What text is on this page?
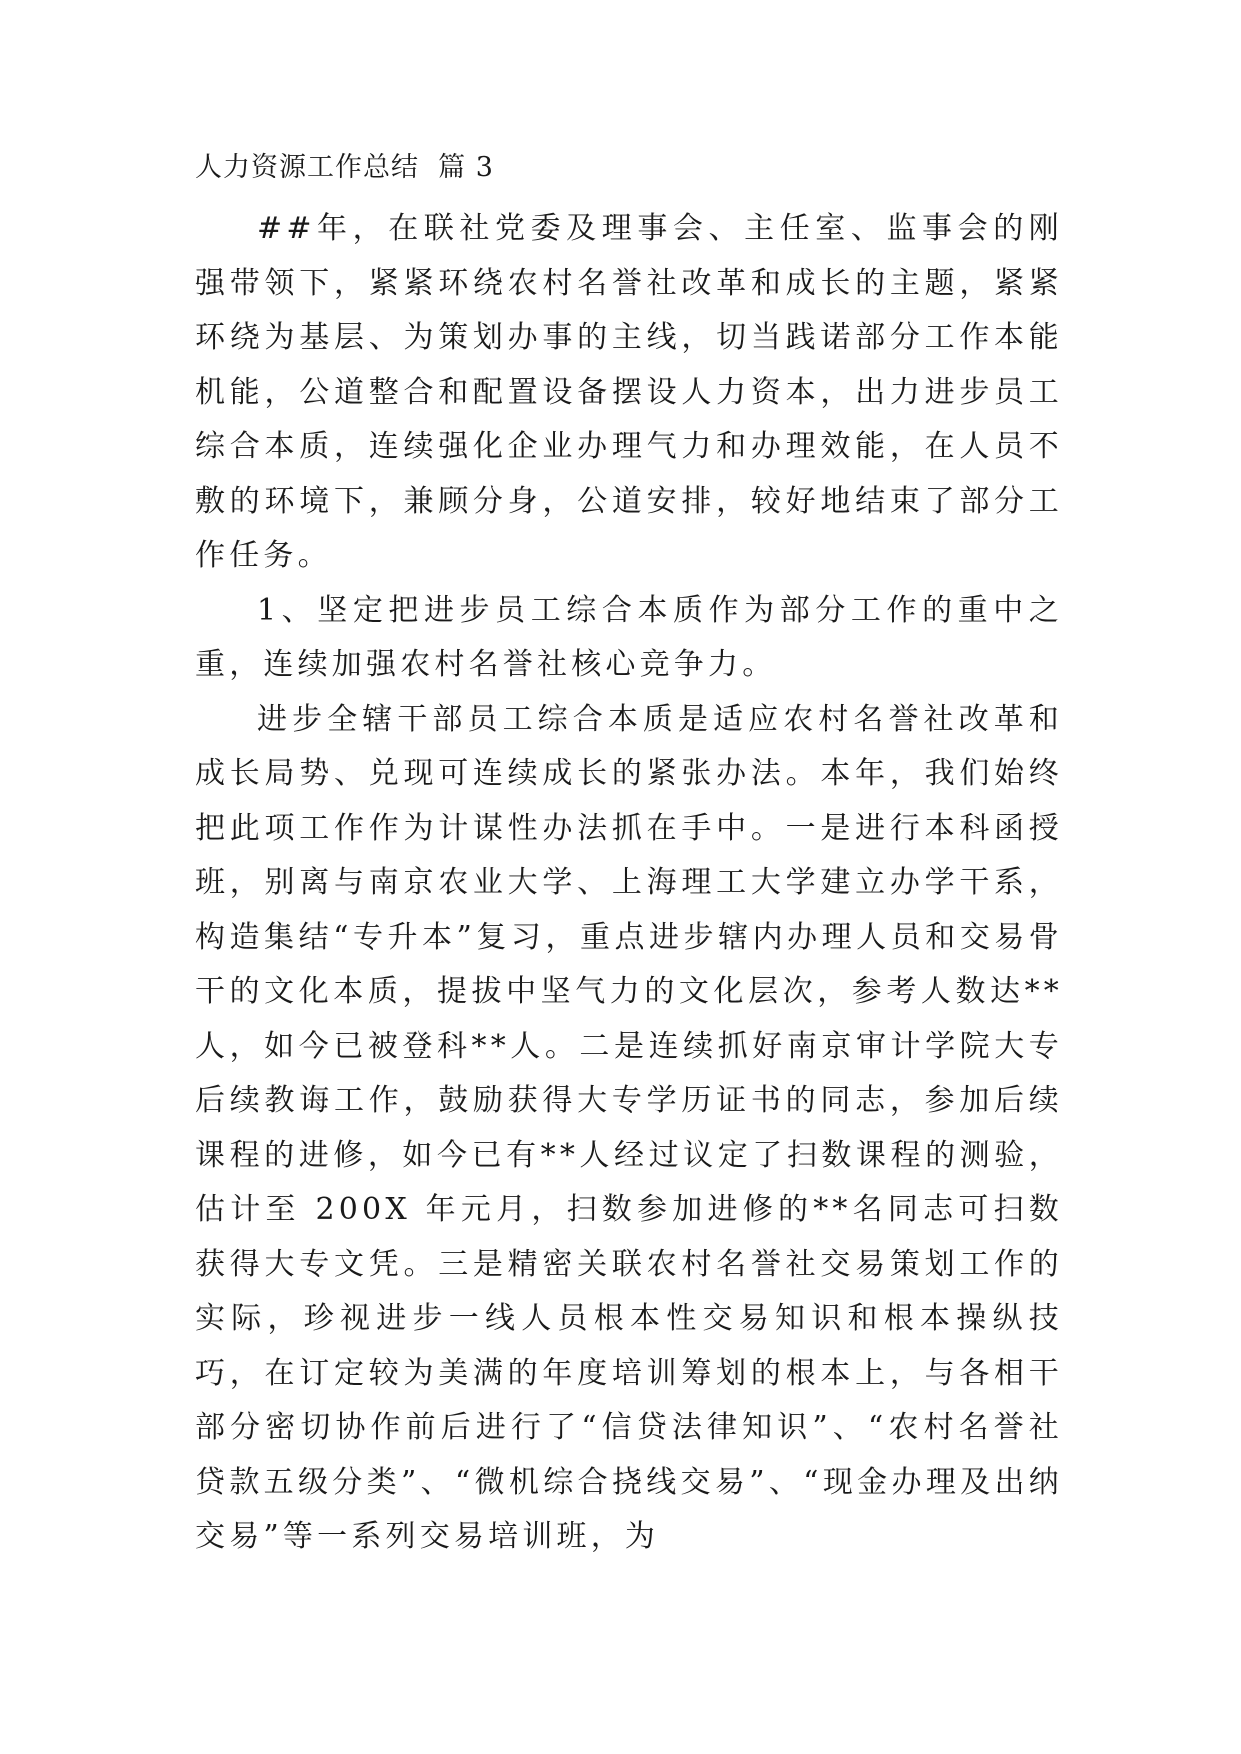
人力资源工作总结  篇 3

##年，在联社党委及理事会、主任室、监事会的刚强带领下，紧紧环绕农村名誉社改革和成长的主题，紧紧环绕为基层、为策划办事的主线，切当践诺部分工作本能机能，公道整合和配置设备摆设人力资本，出力进步员工综合本质，连续强化企业办理气力和办理效能，在人员不敷的环境下，兼顾分身，公道安排，较好地结束了部分工作任务。

1、坚定把进步员工综合本质作为部分工作的重中之重，连续加强农村名誉社核心竞争力。

进步全辖干部员工综合本质是适应农村名誉社改革和成长局势、兑现可连续成长的紧张办法。本年，我们始终把此项工作作为计谋性办法抓在手中。一是进行本科函授班，别离与南京农业大学、上海理工大学建立办学干系，构造集结“专升本”复习，重点进步辖内办理人员和交易骨干的文化本质，提拔中坚气力的文化层次，参考人数达**人，如今已被登科**人。二是连续抓好南京审计学院大专后续教诲工作，鼓励获得大专学历证书的同志，参加后续课程的进修，如今已有**人经过议定了扫数课程的测验，估计至 200X 年元月，扫数参加进修的**名同志可扫数获得大专文凭。三是精密关联农村名誉社交易策划工作的实际，珍视进步一线人员根本性交易知识和根本操纵技巧，在订定较为美满的年度培训筹划的根本上，与各相干部分密切协作前后进行了“信贷法律知识”、“农村名誉社贷款五级分类”、“微机综合挠线交易”、“现金办理及出纳交易”等一系列交易培训班，为
